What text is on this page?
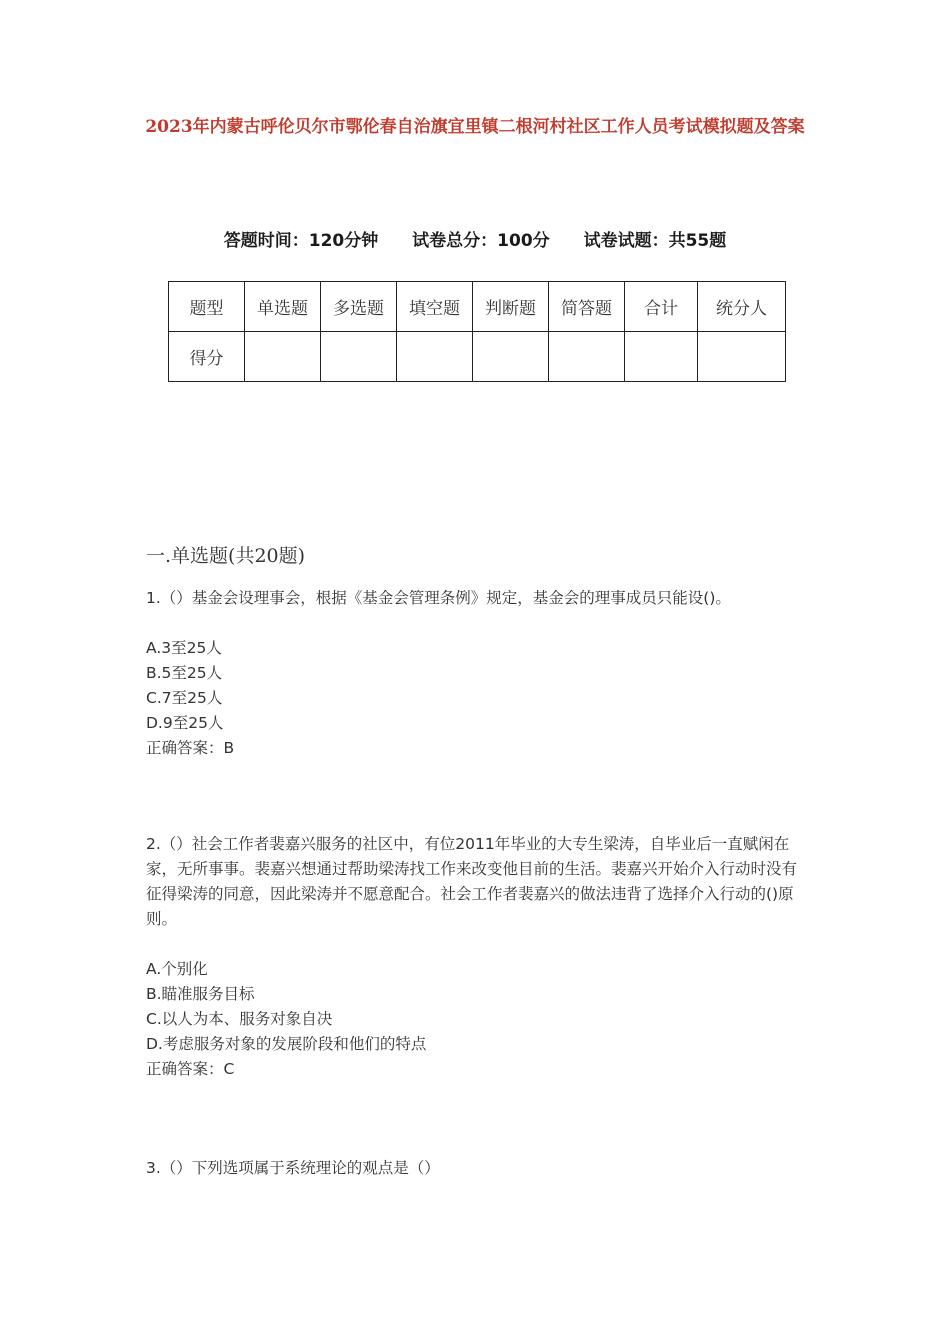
2023年内蒙古呼伦贝尔市鄂伦春自治旗宜里镇二根河村社区工作人员考试模拟题及答案
答题时间：120分钟 试卷总分：100分 试卷试题：共55题
题型	单选题	多选题	填空题	判断题	简答题	合计	统分人
得分							
一.单选题(共20题)
1.（）基金会设理事会，根据《基金会管理条例》规定，基金会的理事成员只能设()。
A.3至25人
B.5至25人
C.7至25人
D.9至25人
正确答案：B
2.（）社会工作者裴嘉兴服务的社区中，有位2011年毕业的大专生梁涛，自毕业后一直赋闲在家，无所事事。裴嘉兴想通过帮助梁涛找工作来改变他目前的生活。裴嘉兴开始介入行动时没有征得梁涛的同意，因此梁涛并不愿意配合。社会工作者裴嘉兴的做法违背了选择介入行动的()原则。
A.个别化
B.瞄准服务目标
C.以人为本、服务对象自决
D.考虑服务对象的发展阶段和他们的特点
正确答案：C
3.（）下列选项属于系统理论的观点是（）
